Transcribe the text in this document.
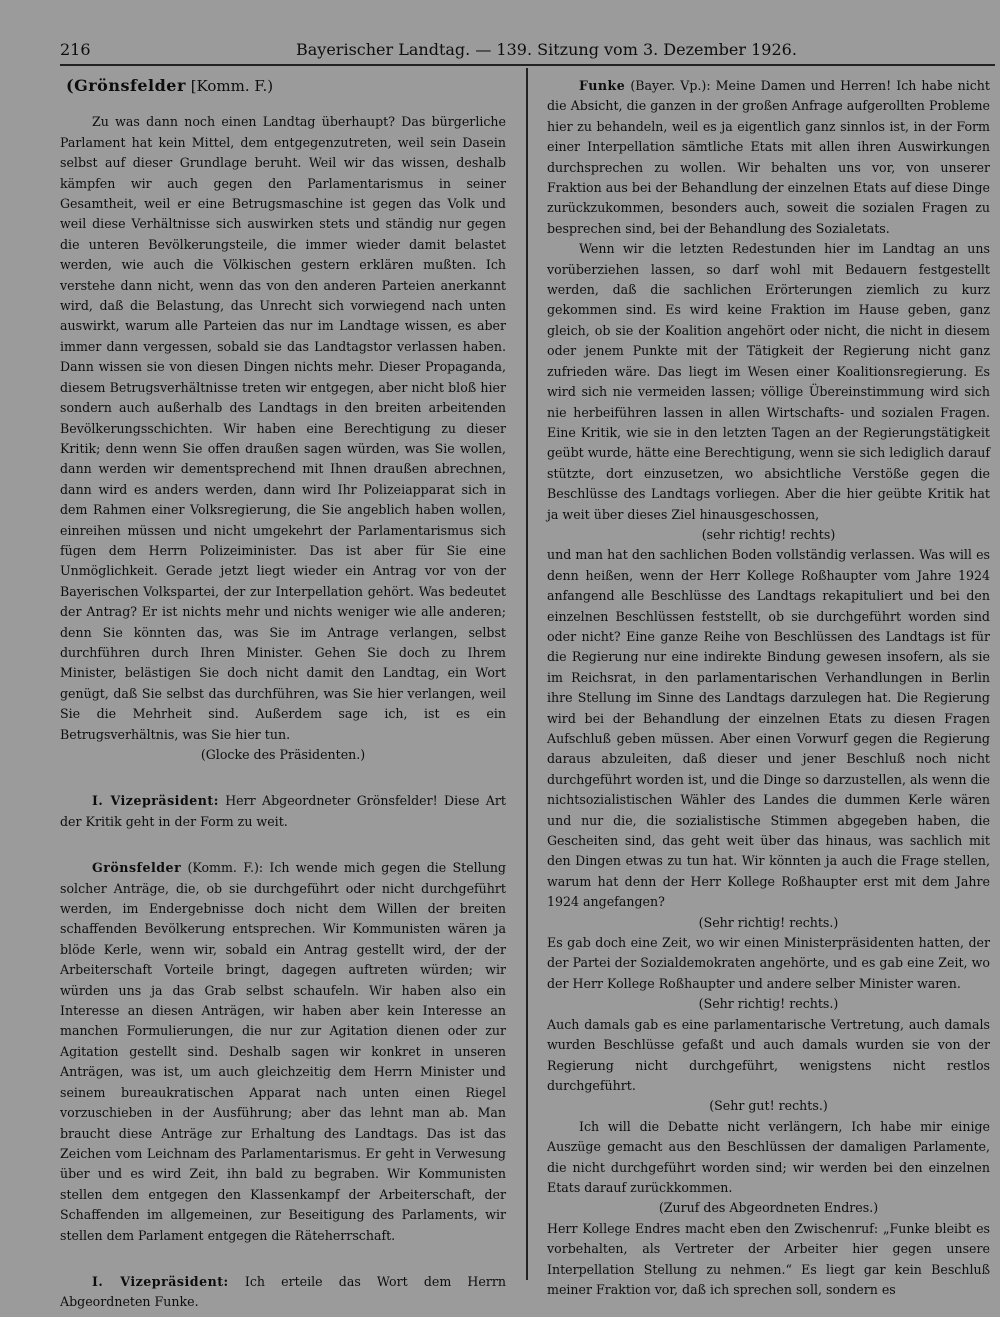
216	Bayerischer Landtag. — 139. Sitzung vom 3. Dezember 1926.

(Grönsfelder [Komm. F.)

Zu was dann noch einen Landtag überhaupt? Das bürgerliche Parlament hat kein Mittel, dem entgegenzutreten, weil sein Dasein selbst auf dieser Grundlage beruht. Weil wir das wissen, deshalb kämpfen wir auch gegen den Parlamentarismus in seiner Gesamtheit, weil er eine Betrugsmaschine ist gegen das Volk und weil diese Verhältnisse sich auswirken stets und ständig nur gegen die unteren Bevölkerungsteile, die immer wieder damit belastet werden, wie auch die Völkischen gestern erklären mußten. Ich verstehe dann nicht, wenn das von den anderen Parteien anerkannt wird, daß die Belastung, das Unrecht sich vorwiegend nach unten auswirkt, warum alle Parteien das nur im Landtage wissen, es aber immer dann vergessen, sobald sie das Landtagstor verlassen haben. Dann wissen sie von diesen Dingen nichts mehr. Dieser Propaganda, diesem Betrugsverhältnisse treten wir entgegen, aber nicht bloß hier sondern auch außerhalb des Landtags in den breiten arbeitenden Bevölkerungsschichten. Wir haben eine Berechtigung zu dieser Kritik; denn wenn Sie offen draußen sagen würden, was Sie wollen, dann werden wir dementsprechend mit Ihnen draußen abrechnen, dann wird es anders werden, dann wird Ihr Polizeiapparat sich in dem Rahmen einer Volksregierung, die Sie angeblich haben wollen, einreihen müssen und nicht umgekehrt der Parlamentarismus sich fügen dem Herrn Polizeiminister. Das ist aber für Sie eine Unmöglichkeit. Gerade jetzt liegt wieder ein Antrag vor von der Bayerischen Volkspartei, der zur Interpellation gehört. Was bedeutet der Antrag? Er ist nichts mehr und nichts weniger wie alle anderen; denn Sie könnten das, was Sie im Antrage verlangen, selbst durchführen durch Ihren Minister. Gehen Sie doch zu Ihrem Minister, belästigen Sie doch nicht damit den Landtag, ein Wort genügt, daß Sie selbst das durchführen, was Sie hier verlangen, weil Sie die Mehrheit sind. Außerdem sage ich, ist es ein Betrugsverhältnis, was Sie hier tun.

(Glocke des Präsidenten.)

I. Vizepräsident: Herr Abgeordneter Grönsfelder! Diese Art der Kritik geht in der Form zu weit.

Grönsfelder (Komm. F.): Ich wende mich gegen die Stellung solcher Anträge, die, ob sie durchgeführt oder nicht durchgeführt werden, im Endergebnisse doch nicht dem Willen der breiten schaffenden Bevölkerung entsprechen. Wir Kommunisten wären ja blöde Kerle, wenn wir, sobald ein Antrag gestellt wird, der der Arbeiterschaft Vorteile bringt, dagegen auftreten würden; wir würden uns ja das Grab selbst schaufeln. Wir haben also ein Interesse an diesen Anträgen, wir haben aber kein Interesse an manchen Formulierungen, die nur zur Agitation dienen oder zur Agitation gestellt sind. Deshalb sagen wir konkret in unseren Anträgen, was ist, um auch gleichzeitig dem Herrn Minister und seinem bureaukratischen Apparat nach unten einen Riegel vorzuschieben in der Ausführung; aber das lehnt man ab. Man braucht diese Anträge zur Erhaltung des Landtags. Das ist das Zeichen vom Leichnam des Parlamentarismus. Er geht in Verwesung über und es wird Zeit, ihn bald zu begraben. Wir Kommunisten stellen dem entgegen den Klassenkampf der Arbeiterschaft, der Schaffenden im allgemeinen, zur Beseitigung des Parlaments, wir stellen dem Parlament entgegen die Räteherrschaft.

I. Vizepräsident: Ich erteile das Wort dem Herrn Abgeordneten Funke.

Funke (Bayer. Vp.): Meine Damen und Herren! Ich habe nicht die Absicht, die ganzen in der großen Anfrage aufgerollten Probleme hier zu behandeln, weil es ja eigentlich ganz sinnlos ist, in der Form einer Interpellation sämtliche Etats mit allen ihren Auswirkungen durchsprechen zu wollen. Wir behalten uns vor, von unserer Fraktion aus bei der Behandlung der einzelnen Etats auf diese Dinge zurückzukommen, besonders auch, soweit die sozialen Fragen zu besprechen sind, bei der Behandlung des Sozialetats.

Wenn wir die letzten Redestunden hier im Landtag an uns vorüberziehen lassen, so darf wohl mit Bedauern festgestellt werden, daß die sachlichen Erörterungen ziemlich zu kurz gekommen sind. Es wird keine Fraktion im Hause geben, ganz gleich, ob sie der Koalition angehört oder nicht, die nicht in diesem oder jenem Punkte mit der Tätigkeit der Regierung nicht ganz zufrieden wäre. Das liegt im Wesen einer Koalitionsregierung. Es wird sich nie vermeiden lassen; völlige Übereinstimmung wird sich nie herbeiführen lassen in allen Wirtschafts- und sozialen Fragen. Eine Kritik, wie sie in den letzten Tagen an der Regierungstätigkeit geübt wurde, hätte eine Berechtigung, wenn sie sich lediglich darauf stützte, dort einzusetzen, wo absichtliche Verstöße gegen die Beschlüsse des Landtags vorliegen. Aber die hier geübte Kritik hat ja weit über dieses Ziel hinausgeschossen,

(sehr richtig! rechts)

und man hat den sachlichen Boden vollständig verlassen. Was will es denn heißen, wenn der Herr Kollege Roßhaupter vom Jahre 1924 anfangend alle Beschlüsse des Landtags rekapituliert und bei den einzelnen Beschlüssen feststellt, ob sie durchgeführt worden sind oder nicht? Eine ganze Reihe von Beschlüssen des Landtags ist für die Regierung nur eine indirekte Bindung gewesen insofern, als sie im Reichsrat, in den parlamentarischen Verhandlungen in Berlin ihre Stellung im Sinne des Landtags darzulegen hat. Die Regierung wird bei der Behandlung der einzelnen Etats zu diesen Fragen Aufschluß geben müssen. Aber einen Vorwurf gegen die Regierung daraus abzuleiten, daß dieser und jener Beschluß noch nicht durchgeführt worden ist, und die Dinge so darzustellen, als wenn die nichtsozialistischen Wähler des Landes die dummen Kerle wären und nur die, die sozialistische Stimmen abgegeben haben, die Gescheiten sind, das geht weit über das hinaus, was sachlich mit den Dingen etwas zu tun hat. Wir könnten ja auch die Frage stellen, warum hat denn der Herr Kollege Roßhaupter erst mit dem Jahre 1924 angefangen?

(Sehr richtig! rechts.)

Es gab doch eine Zeit, wo wir einen Ministerpräsidenten hatten, der der Partei der Sozialdemokraten angehörte, und es gab eine Zeit, wo der Herr Kollege Roßhaupter und andere selber Minister waren.

(Sehr richtig! rechts.)

Auch damals gab es eine parlamentarische Vertretung, auch damals wurden Beschlüsse gefaßt und auch damals wurden sie von der Regierung nicht durchgeführt, wenigstens nicht restlos durchgeführt.

(Sehr gut! rechts.)

Ich will die Debatte nicht verlängern, Ich habe mir einige Auszüge gemacht aus den Beschlüssen der damaligen Parlamente, die nicht durchgeführt worden sind; wir werden bei den einzelnen Etats darauf zurückkommen.

(Zuruf des Abgeordneten Endres.)

Herr Kollege Endres macht eben den Zwischenruf: „Funke bleibt es vorbehalten, als Vertreter der Arbeiter hier gegen unsere Interpellation Stellung zu nehmen.“ Es liegt gar kein Beschluß meiner Fraktion vor, daß ich sprechen soll, sondern es
